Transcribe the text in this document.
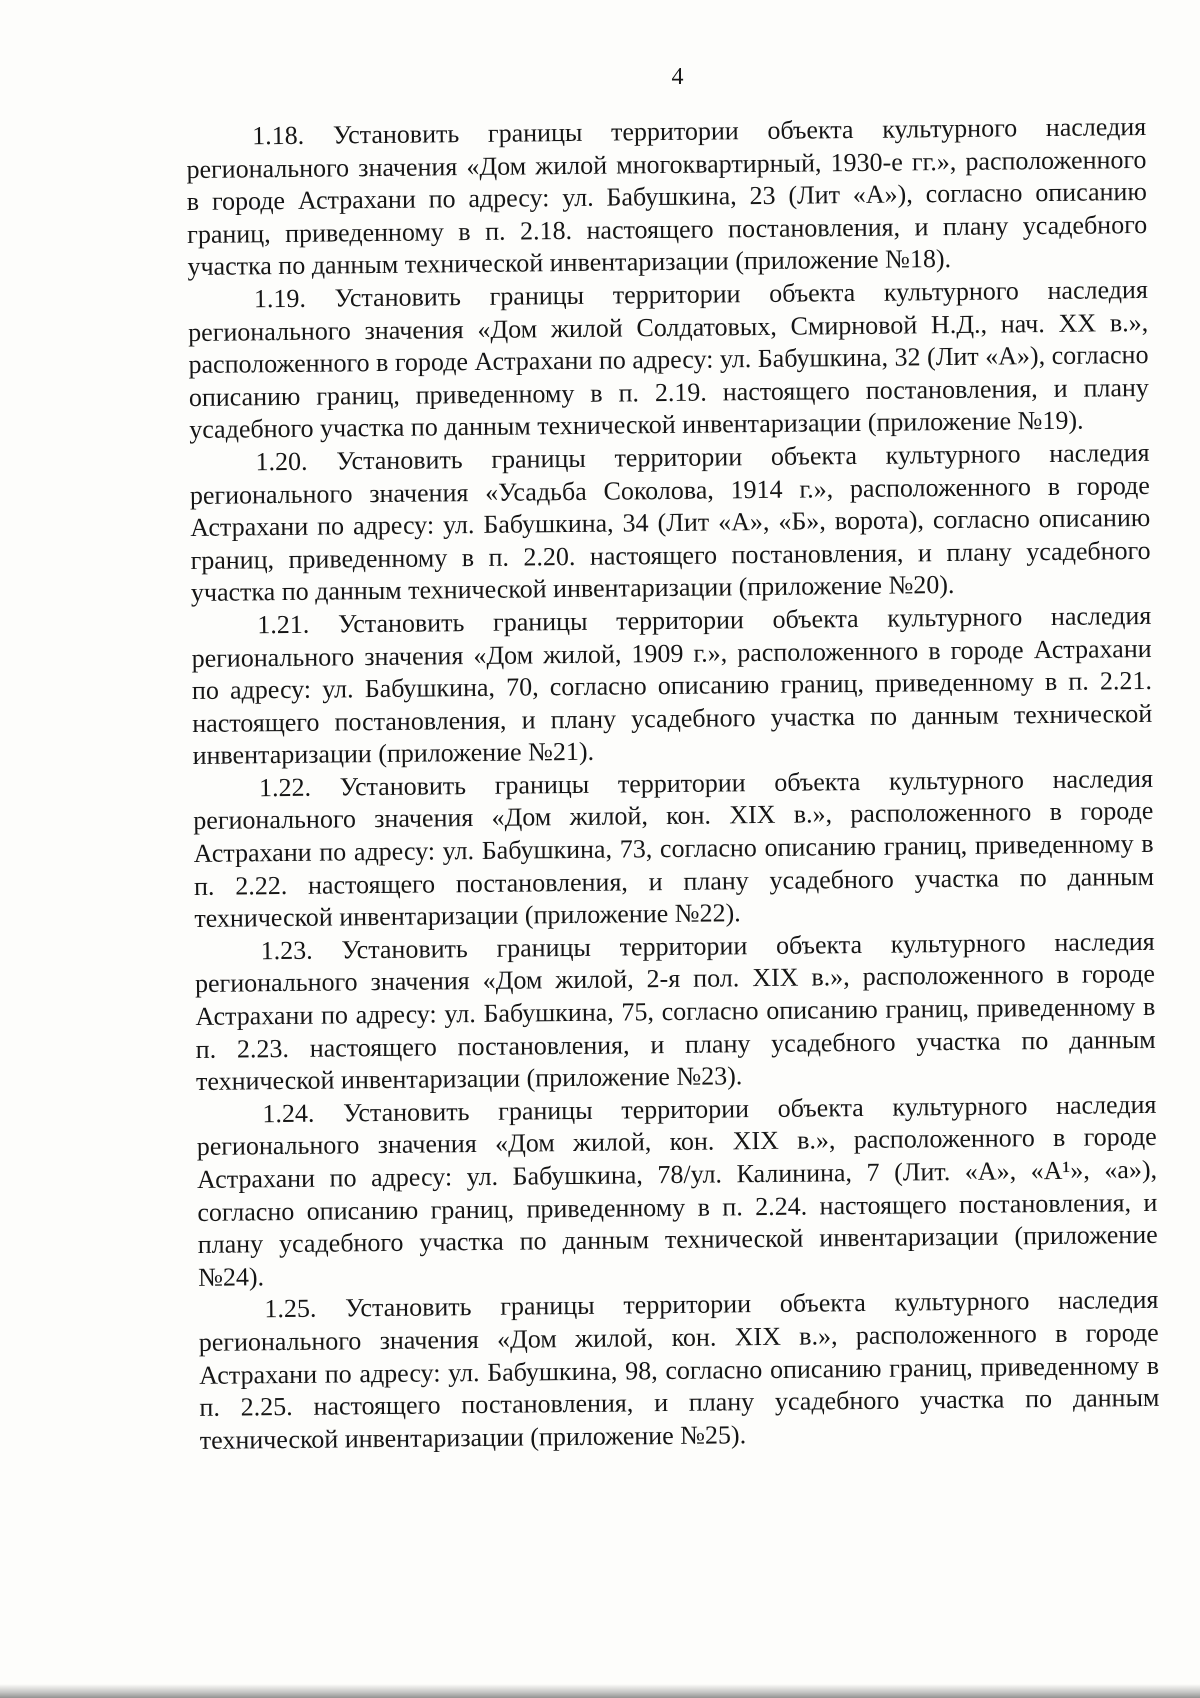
4

1.18. Установить границы территории объекта культурного наследия регионального значения «Дом жилой многоквартирный, 1930-е гг.», расположенного в городе Астрахани по адресу: ул. Бабушкина, 23 (Лит «А»), согласно описанию границ, приведенному в п. 2.18. настоящего постановления, и плану усадебного участка по данным технической инвентаризации (приложение №18).

1.19. Установить границы территории объекта культурного наследия регионального значения «Дом жилой Солдатовых, Смирновой Н.Д., нач. XX в.», расположенного в городе Астрахани по адресу: ул. Бабушкина, 32 (Лит «А»), согласно описанию границ, приведенному в п. 2.19. настоящего постановления, и плану усадебного участка по данным технической инвентаризации (приложение №19).

1.20. Установить границы территории объекта культурного наследия регионального значения «Усадьба Соколова, 1914 г.», расположенного в городе Астрахани по адресу: ул. Бабушкина, 34 (Лит «А», «Б», ворота), согласно описанию границ, приведенному в п. 2.20. настоящего постановления, и плану усадебного участка по данным технической инвентаризации (приложение №20).

1.21. Установить границы территории объекта культурного наследия регионального значения «Дом жилой, 1909 г.», расположенного в городе Астрахани по адресу: ул. Бабушкина, 70, согласно описанию границ, приведенному в п. 2.21. настоящего постановления, и плану усадебного участка по данным технической инвентаризации (приложение №21).

1.22. Установить границы территории объекта культурного наследия регионального значения «Дом жилой, кон. XIX в.», расположенного в городе Астрахани по адресу: ул. Бабушкина, 73, согласно описанию границ, приведенному в п. 2.22. настоящего постановления, и плану усадебного участка по данным технической инвентаризации (приложение №22).

1.23. Установить границы территории объекта культурного наследия регионального значения «Дом жилой, 2-я пол. XIX в.», расположенного в городе Астрахани по адресу: ул. Бабушкина, 75, согласно описанию границ, приведенному в п. 2.23. настоящего постановления, и плану усадебного участка по данным технической инвентаризации (приложение №23).

1.24. Установить границы территории объекта культурного наследия регионального значения «Дом жилой, кон. XIX в.», расположенного в городе Астрахани по адресу: ул. Бабушкина, 78/ул. Калинина, 7 (Лит. «А», «А¹», «а»), согласно описанию границ, приведенному в п. 2.24. настоящего постановления, и плану усадебного участка по данным технической инвентаризации (приложение №24).

1.25. Установить границы территории объекта культурного наследия регионального значения «Дом жилой, кон. XIX в.», расположенного в городе Астрахани по адресу: ул. Бабушкина, 98, согласно описанию границ, приведенному в п. 2.25. настоящего постановления, и плану усадебного участка по данным технической инвентаризации (приложение №25).
